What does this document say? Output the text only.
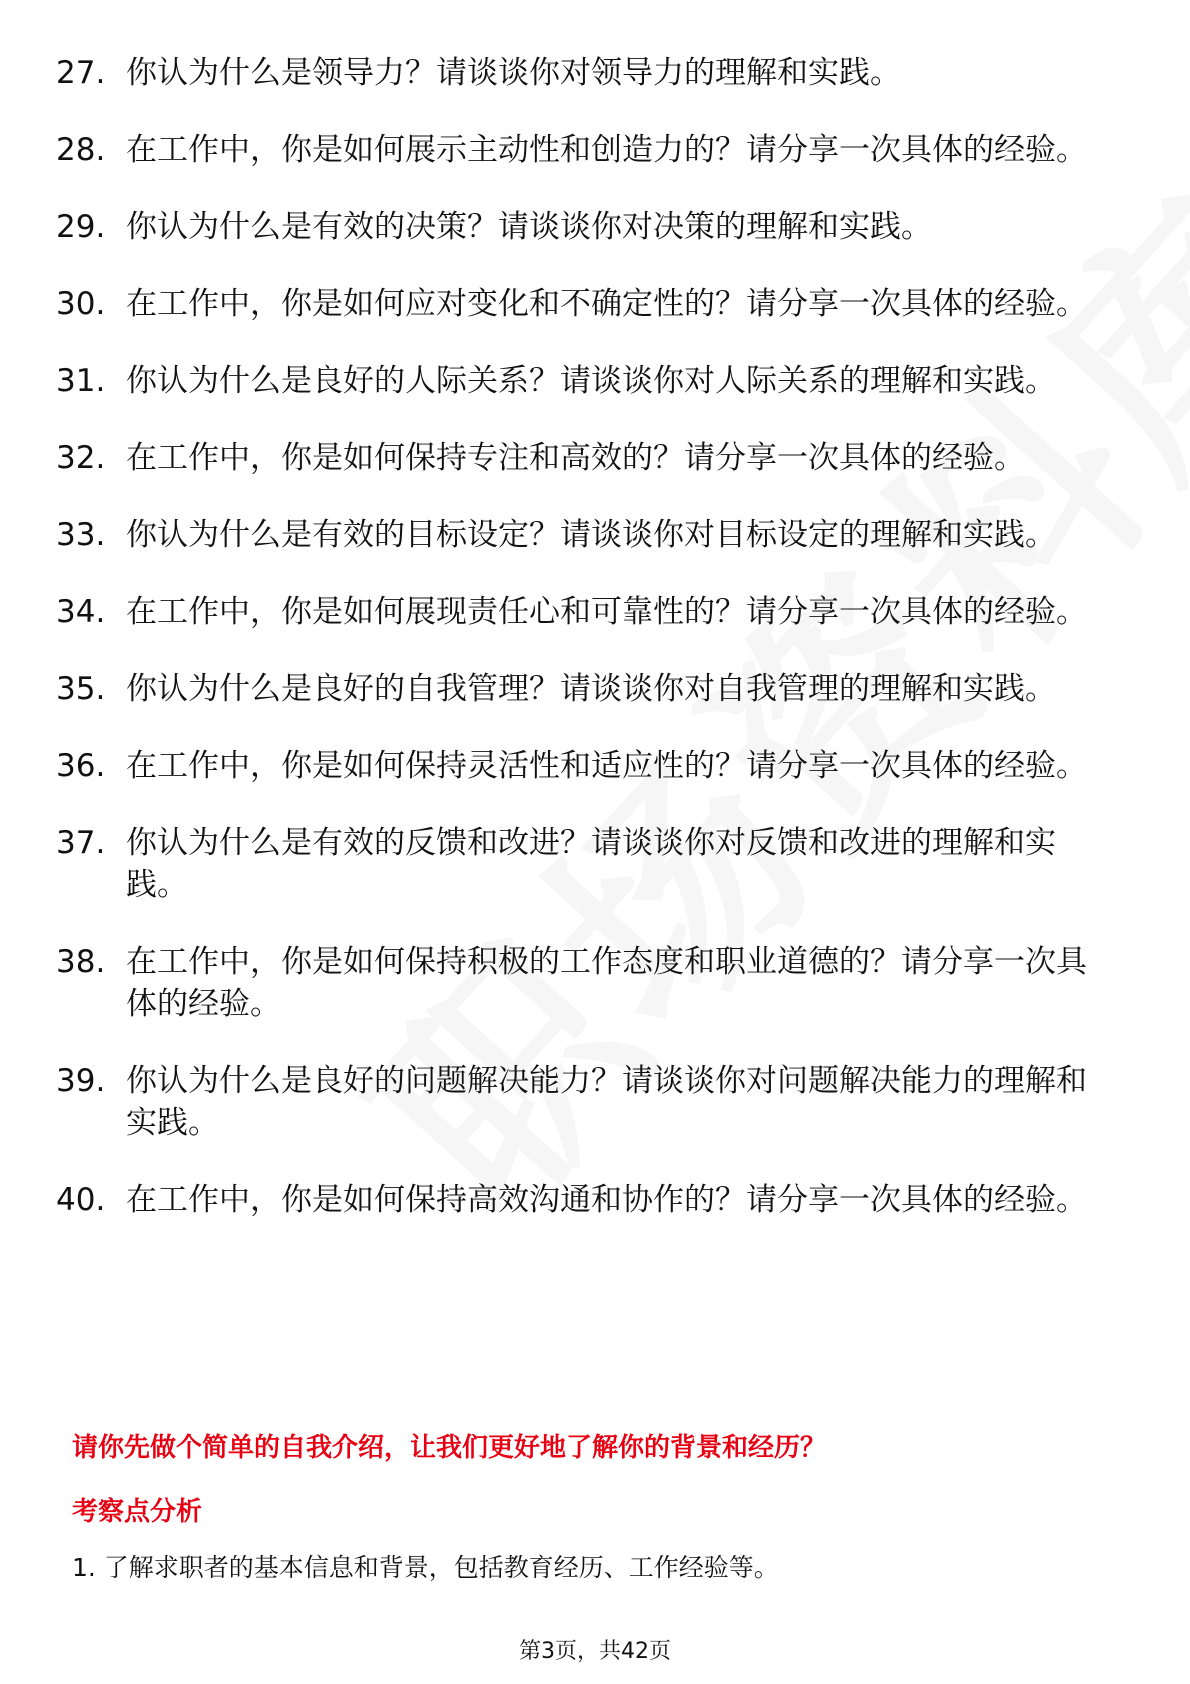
27. 你认为什么是领导力？请谈谈你对领导力的理解和实践。
28. 在工作中，你是如何展示主动性和创造力的？请分享一次具体的经验。
29. 你认为什么是有效的决策？请谈谈你对决策的理解和实践。
30. 在工作中，你是如何应对变化和不确定性的？请分享一次具体的经验。
31. 你认为什么是良好的人际关系？请谈谈你对人际关系的理解和实践。
32. 在工作中，你是如何保持专注和高效的？请分享一次具体的经验。
33. 你认为什么是有效的目标设定？请谈谈你对目标设定的理解和实践。
34. 在工作中，你是如何展现责任心和可靠性的？请分享一次具体的经验。
35. 你认为什么是良好的自我管理？请谈谈你对自我管理的理解和实践。
36. 在工作中，你是如何保持灵活性和适应性的？请分享一次具体的经验。
37. 你认为什么是有效的反馈和改进？请谈谈你对反馈和改进的理解和实践。
38. 在工作中，你是如何保持积极的工作态度和职业道德的？请分享一次具体的经验。
39. 你认为什么是良好的问题解决能力？请谈谈你对问题解决能力的理解和实践。
40. 在工作中，你是如何保持高效沟通和协作的？请分享一次具体的经验。
请你先做个简单的自我介绍，让我们更好地了解你的背景和经历？
考察点分析
1. 了解求职者的基本信息和背景，包括教育经历、工作经验等。
第3页，共42页
